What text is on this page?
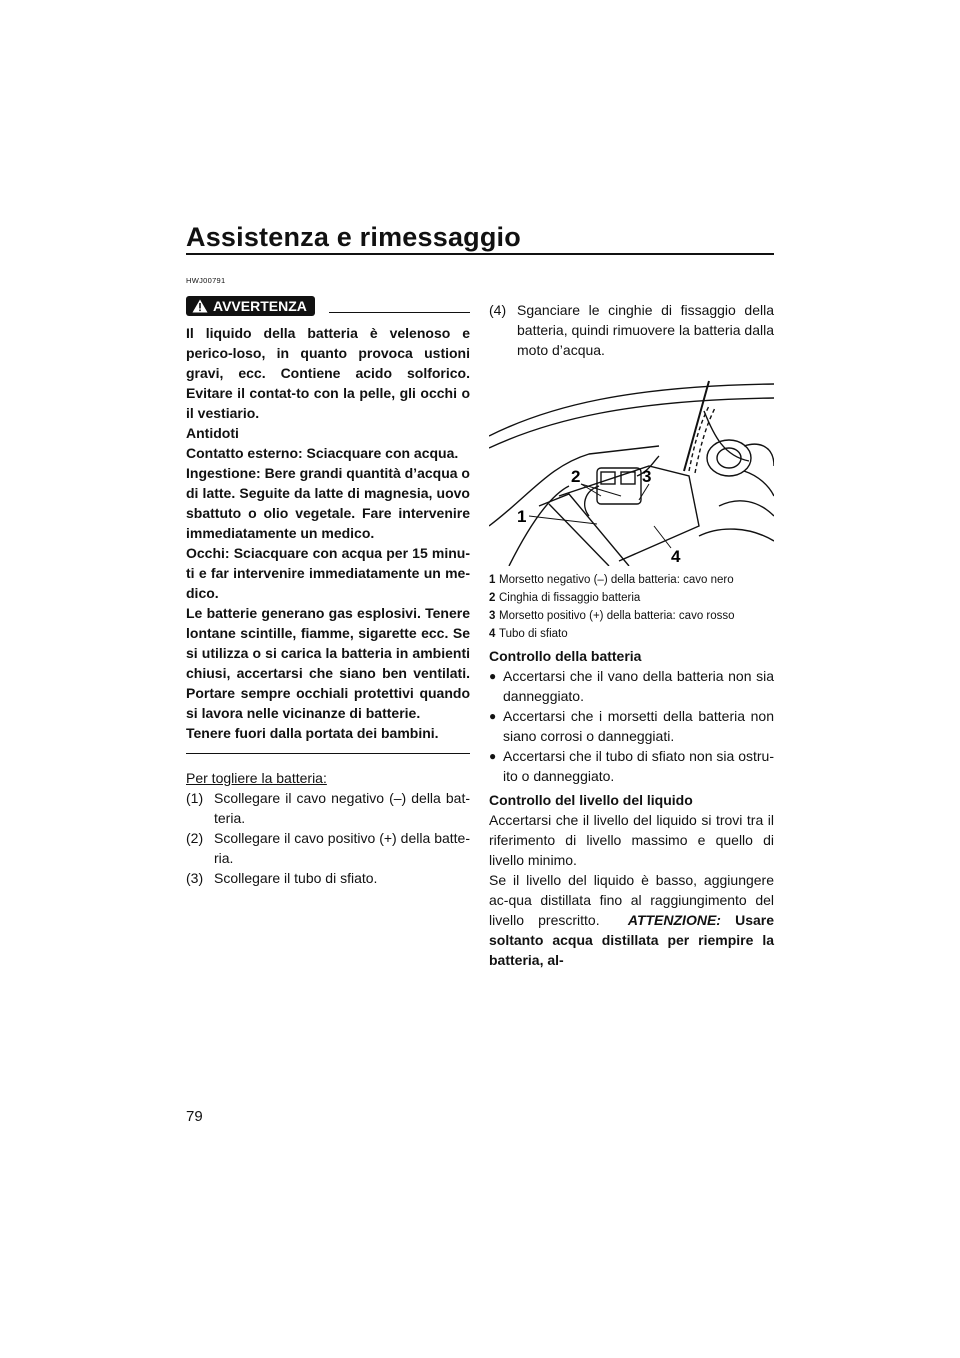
Assistenza e rimessaggio
HWJ00791
AVVERTENZA

Il liquido della batteria è velenoso e perico-loso, in quanto provoca ustioni gravi, ecc. Contiene acido solforico. Evitare il contat-to con la pelle, gli occhi o il vestiario.

Antidoti

Contatto esterno: Sciacquare con acqua.

Ingestione: Bere grandi quantità d’acqua o di latte. Seguite da latte di magnesia, uovo sbattuto o olio vegetale. Fare intervenire immediatamente un medico.

Occhi: Sciacquare con acqua per 15 minu-ti e far intervenire immediatamente un me-dico.

Le batterie generano gas esplosivi. Tenere lontane scintille, fiamme, sigarette ecc. Se si utilizza o si carica la batteria in ambienti chiusi, accertarsi che siano ben ventilati. Portare sempre occhiali protettivi quando si lavora nelle vicinanze di batterie.

Tenere fuori dalla portata dei bambini.

Per togliere la batteria:
(1) Scollegare il cavo negativo (–) della bat-teria.
(2) Scollegare il cavo positivo (+) della batte-ria.
(3) Scollegare il tubo di sfiato.
(4) Sganciare le cinghie di fissaggio della batteria, quindi rimuovere la batteria dalla moto d’acqua.
1
2	3
4
1 Morsetto negativo (–) della batteria: cavo nero
2 Cinghia di fissaggio batteria
3 Morsetto positivo (+) della batteria: cavo rosso
4 Tubo di sfiato
Controllo della batteria
● Accertarsi che il vano della batteria non sia danneggiato.
● Accertarsi che i morsetti della batteria non siano corrosi o danneggiati.
● Accertarsi che il tubo di sfiato non sia ostru-ito o danneggiato.
Controllo del livello del liquido

Accertarsi che il livello del liquido si trovi tra il riferimento di livello massimo e quello di livello minimo.

Se il livello del liquido è basso, aggiungere ac-qua distillata fino al raggiungimento del livello prescritto. ATTENZIONE: Usare soltanto acqua distillata per riempire la batteria, al-

79
